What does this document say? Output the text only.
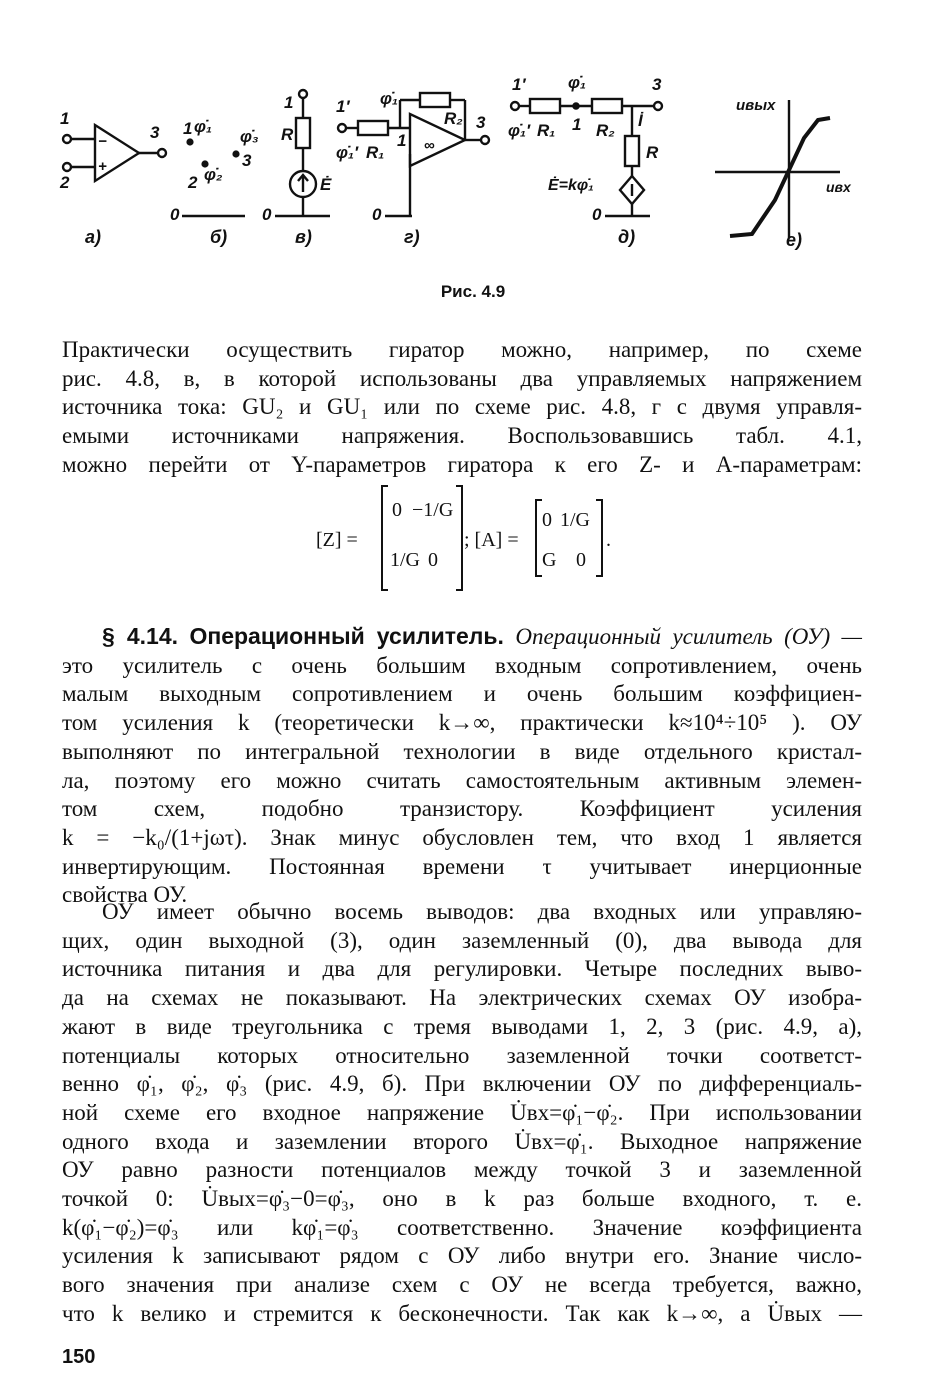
1
2
3
−
+
а)
1 φ̇₁
2 φ̇₂
φ̇₃
3
0
б)
1
R
Ė
0
в)
1′ φ̇₁
φ̇₁′ R₁
R₂
1
3
∞
0
г)
1′ φ̇₁	3
φ̇₁′ R₁ 1 R₂
İ
R
Ė=kφ̇₁
0
д)
uвых
uвх
е)
Рис. 4.9
Практически осуществить гиратор можно, например, по схеме
рис. 4.8, в, в которой использованы два управляемых напряжением
источника тока: GU₂ и GU₁ или по схеме рис. 4.8, г с двумя управля-
емыми источниками напряжения. Воспользовавшись табл. 4.1,
можно перейти от Y-параметров гиратора к его Z- и A-параметрам:
[Z] =
0 −1/G
1/G 0
; [A] =
0 1/G
G 0
.
§ 4.14. Операционный усилитель. Операционный усилитель (ОУ) —
это усилитель с очень большим входным сопротивлением, очень
малым выходным сопротивлением и очень большим коэффициен-
том усиления k (теоретически k→∞, практически k≈10⁴÷10⁵ ). ОУ
выполняют по интегральной технологии в виде отдельного кристал-
ла, поэтому его можно считать самостоятельным активным элемен-
том схем, подобно транзистору. Коэффициент усиления
k = −k₀/(1+jωτ). Знак минус обусловлен тем, что вход 1 является
инвертирующим. Постоянная времени τ учитывает инерционные
свойства ОУ.
ОУ имеет обычно восемь выводов: два входных или управляю-
щих, один выходной (3), один заземленный (0), два вывода для
источника питания и два для регулировки. Четыре последних выво-
да на схемах не показывают. На электрических схемах ОУ изобра-
жают в виде треугольника с тремя выводами 1, 2, 3 (рис. 4.9, а),
потенциалы которых относительно заземленной точки соответст-
венно φ̇₁, φ̇₂, φ̇₃ (рис. 4.9, б). При включении ОУ по дифференциаль-
ной схеме его входное напряжение U̇вх=φ̇₁−φ̇₂. При использовании
одного входа и заземлении второго U̇вх=φ̇₁. Выходное напряжение
ОУ равно разности потенциалов между точкой 3 и заземленной
точкой 0: U̇вых=φ̇₃−0=φ̇₃, оно в k раз больше входного, т. е.
k(φ̇₁−φ̇₂)=φ̇₃ или kφ̇₁=φ̇₃ соответственно. Значение коэффициента
усиления k записывают рядом с ОУ либо внутри его. Знание число-
вого значения при анализе схем с ОУ не всегда требуется, важно,
что k велико и стремится к бесконечности. Так как k→∞, а U̇вых —
150
